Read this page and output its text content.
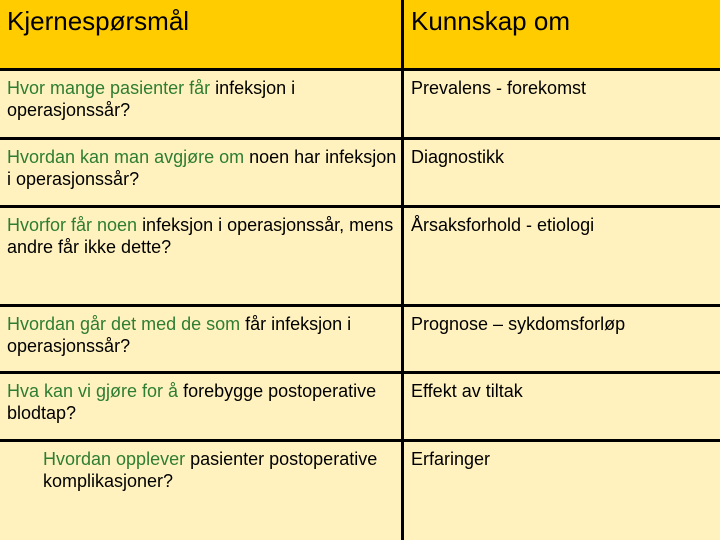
Kjernespørsmål	Kunnskap om
Hvor mange pasienter får infeksjon i operasjonssår?
Prevalens - forekomst
Hvordan kan man avgjøre om noen har infeksjon i operasjonssår?
Diagnostikk
Hvorfor får noen infeksjon i operasjonssår, mens andre får ikke dette?
Årsaksforhold - etiologi
Hvordan går det med de som får infeksjon i operasjonssår?
Prognose – sykdomsforløp
Hva kan vi gjøre for å forebygge postoperative blodtap?
Effekt av tiltak
Hvordan opplever pasienter postoperative komplikasjoner?
Erfaringer
